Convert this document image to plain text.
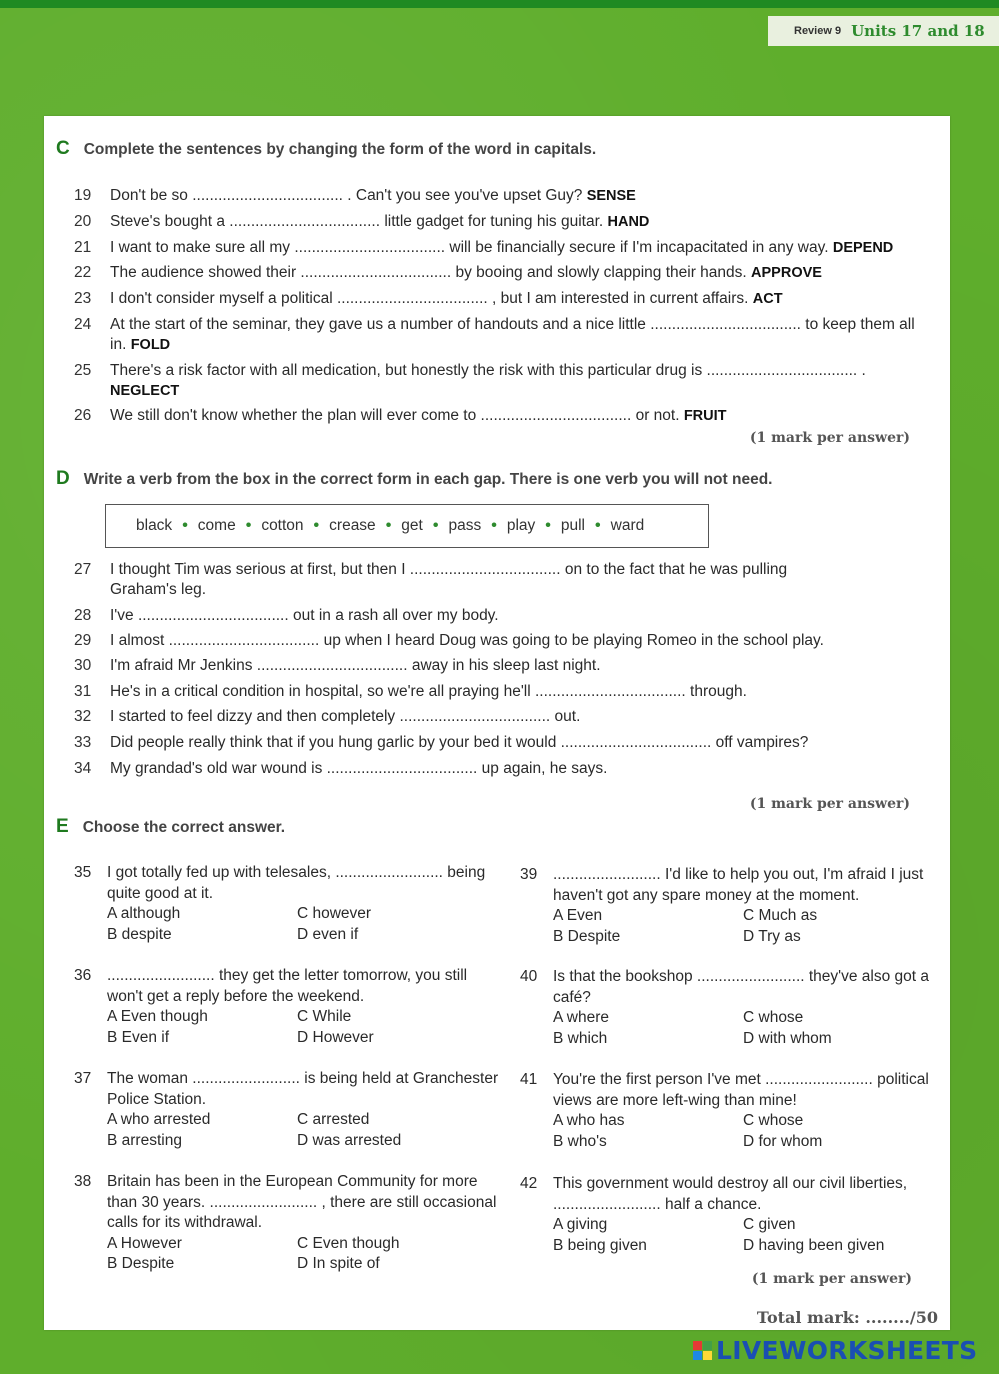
Review 9 Units 17 and 18
C Complete the sentences by changing the form of the word in capitals.
19	Don't be so ................................... . Can't you see you've upset Guy? SENSE
20	Steve's bought a ................................... little gadget for tuning his guitar. HAND
21	I want to make sure all my ................................... will be financially secure if I'm incapacitated in any way. DEPEND
22	The audience showed their ................................... by booing and slowly clapping their hands. APPROVE
23	I don't consider myself a political ................................... , but I am interested in current affairs. ACT
24	At the start of the seminar, they gave us a number of handouts and a nice little ................................... to keep them all in. FOLD
25	There's a risk factor with all medication, but honestly the risk with this particular drug is ................................... . NEGLECT
26	We still don't know whether the plan will ever come to ................................... or not. FRUIT
(1 mark per answer)
D Write a verb from the box in the correct form in each gap. There is one verb you will not need.
black • come • cotton • crease • get • pass • play • pull • ward
27	I thought Tim was serious at first, but then I ................................... on to the fact that he was pulling Graham's leg.
28	I've ................................... out in a rash all over my body.
29	I almost ................................... up when I heard Doug was going to be playing Romeo in the school play.
30	I'm afraid Mr Jenkins ................................... away in his sleep last night.
31	He's in a critical condition in hospital, so we're all praying he'll ................................... through.
32	I started to feel dizzy and then completely ................................... out.
33	Did people really think that if you hung garlic by your bed it would ................................... off vampires?
34	My grandad's old war wound is ................................... up again, he says.
(1 mark per answer)
E Choose the correct answer.
35 I got totally fed up with telesales, ......................... being quite good at it.
A although	C however
B despite	D even if
36 ......................... they get the letter tomorrow, you still won't get a reply before the weekend.
A Even though	C While
B Even if	D However
37 The woman ......................... is being held at Granchester Police Station.
A who arrested	C arrested
B arresting	D was arrested
38 Britain has been in the European Community for more than 30 years. ......................... , there are still occasional calls for its withdrawal.
A However	C Even though
B Despite	D In spite of
39 ......................... I'd like to help you out, I'm afraid I just haven't got any spare money at the moment.
A Even	C Much as
B Despite	D Try as
40 Is that the bookshop ......................... they've also got a café?
A where	C whose
B which	D with whom
41 You're the first person I've met ......................... political views are more left-wing than mine!
A who has	C whose
B who's	D for whom
42 This government would destroy all our civil liberties, ......................... half a chance.
A giving	C given
B being given	D having been given
(1 mark per answer)
Total mark: ......../50
LIVEWORKSHEETS
